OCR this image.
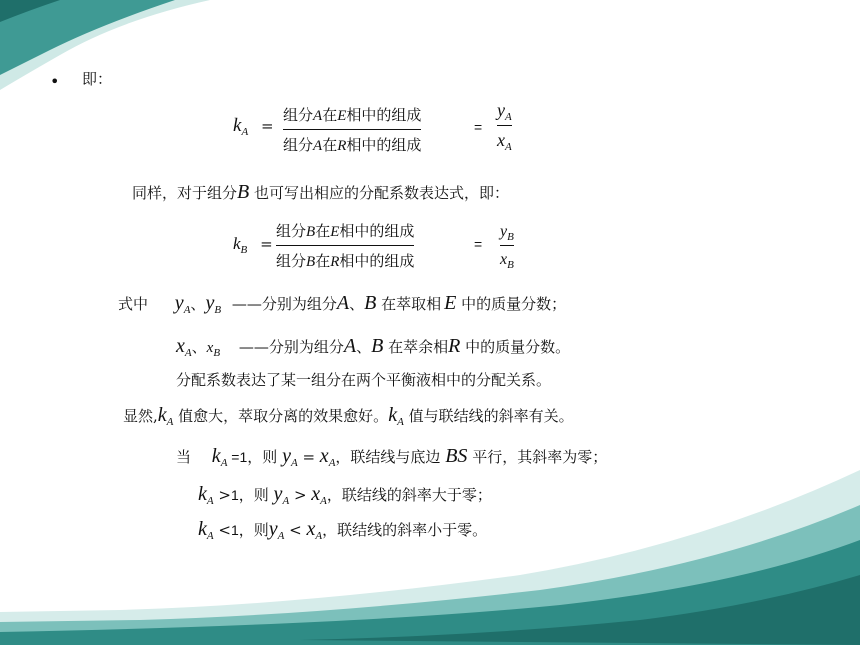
• 即：
$k_A$ =
组分A在E相中的组成
组分A在R相中的组成
= $\frac{y_A}{x_A}$
同样，对于组分B 也可写出相应的分配系数表达式，即：
$k_B$ =
组分B在E相中的组成
组分B在R相中的组成
= $\frac{y_B}{x_B}$
式中 $y_A$、$y_B$ ——分别为组分A、B 在萃取相 E 中的质量分数；
$x_A$、$x_B$ ——分别为组分A、B 在萃余相R 中的质量分数。
分配系数表达了某一组分在两个平衡液相中的分配关系。
显然$,k_A$ 值愈大，萃取分离的效果愈好。$k_A$ 值与联结线的斜率有关。
当 $k_A =1$，则 $y_A = x_A$，联结线与底边 BS 平行，其斜率为零；
$k_A >1$，则 $y_A > x_A$，联结线的斜率大于零；
$k_A <1$，则$y_A < x_A$，联结线的斜率小于零。
